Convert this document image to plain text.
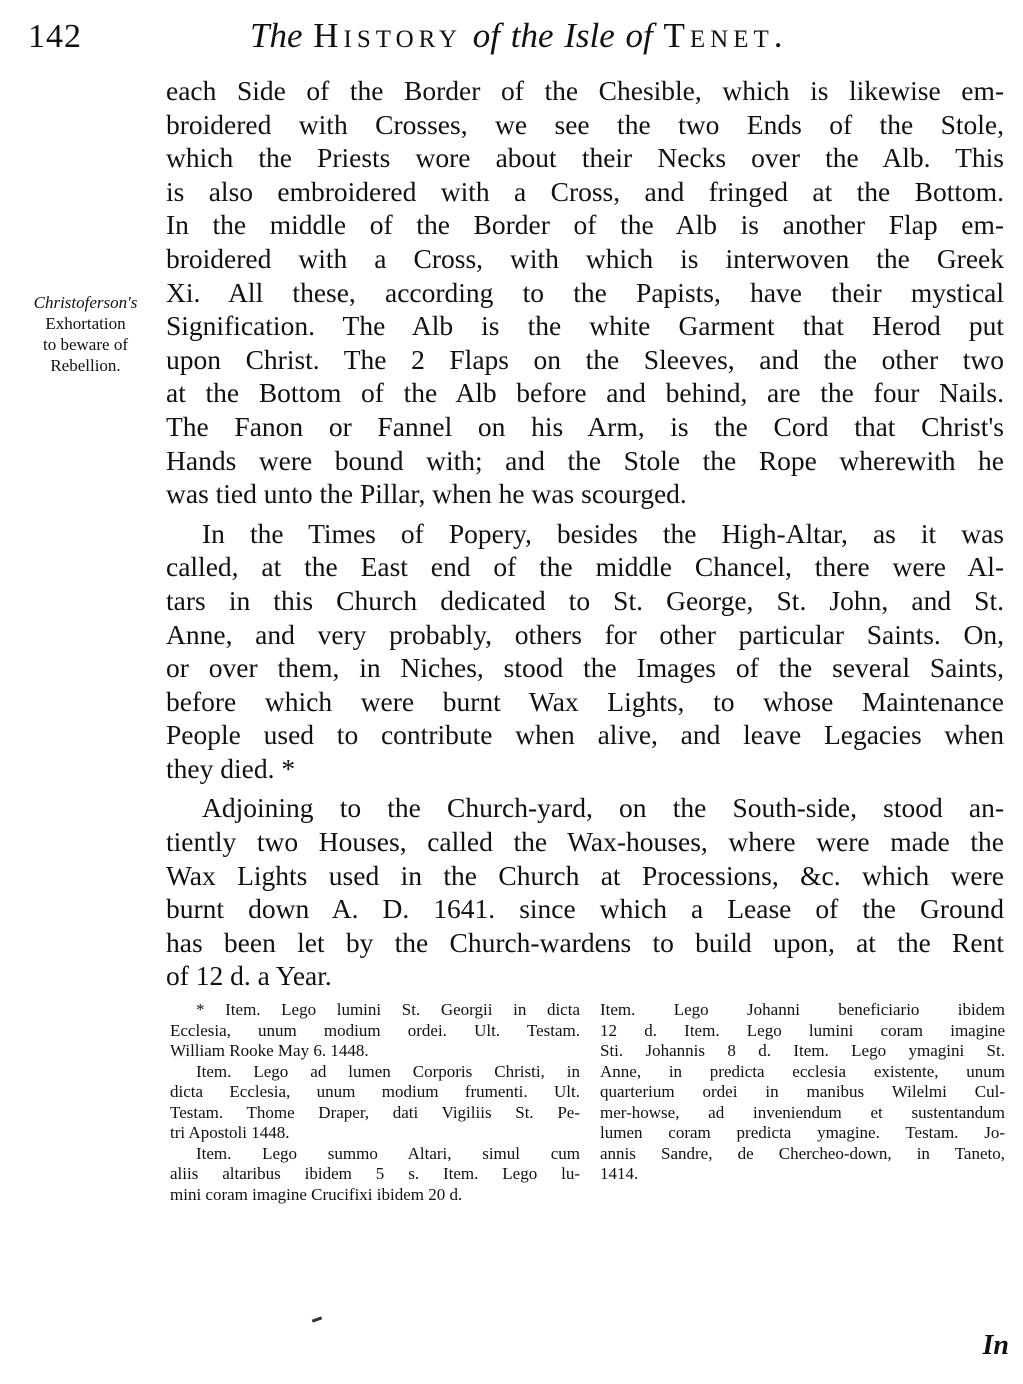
142	The History of the Isle of Tenet.
Christoferson's
Exhortation
to beware of
Rebellion.
each Side of the Border of the Chesible, which is likewise em-
broidered with Crosses, we see the two Ends of the Stole,
which the Priests wore about their Necks over the Alb. This
is also embroidered with a Cross, and fringed at the Bottom.
In the middle of the Border of the Alb is another Flap em-
broidered with a Cross, with which is interwoven the Greek
Xi. All these, according to the Papists, have their mystical
Signification. The Alb is the white Garment that Herod put
upon Christ. The 2 Flaps on the Sleeves, and the other two
at the Bottom of the Alb before and behind, are the four Nails.
The Fanon or Fannel on his Arm, is the Cord that Christ's
Hands were bound with; and the Stole the Rope wherewith he
was tied unto the Pillar, when he was scourged.
In the Times of Popery, besides the High-Altar, as it was
called, at the East end of the middle Chancel, there were Al-
tars in this Church dedicated to St. George, St. John, and St.
Anne, and very probably, others for other particular Saints. On,
or over them, in Niches, stood the Images of the several Saints,
before which were burnt Wax Lights, to whose Maintenance
People used to contribute when alive, and leave Legacies when
they died. *
Adjoining to the Church-yard, on the South-side, stood an-
tiently two Houses, called the Wax-houses, where were made the
Wax Lights used in the Church at Processions, &c. which were
burnt down A. D. 1641. since which a Lease of the Ground
has been let by the Church-wardens to build upon, at the Rent
of 12 d. a Year.
* Item. Lego lumini St. Georgii in dicta
Ecclesia, unum modium ordei. Ult. Testam.
William Rooke May 6. 1448.
Item. Lego ad lumen Corporis Christi, in
dicta Ecclesia, unum modium frumenti. Ult.
Testam. Thome Draper, dati Vigiliis St. Pe-
tri Apostoli 1448.
Item. Lego summo Altari, simul cum
aliis altaribus ibidem 5 s. Item. Lego lu-
mini coram imagine Crucifixi ibidem 20 d.
Item. Lego Johanni beneficiario ibidem
12 d. Item. Lego lumini coram imagine
Sti. Johannis 8 d. Item. Lego ymagini St.
Anne, in predicta ecclesia existente, unum
quarterium ordei in manibus Wilelmi Cul-
mer-howse, ad inveniendum et sustentandum
lumen coram predicta ymagine. Testam. Jo-
annis Sandre, de Chercheo-down, in Taneto,
1414.
In
